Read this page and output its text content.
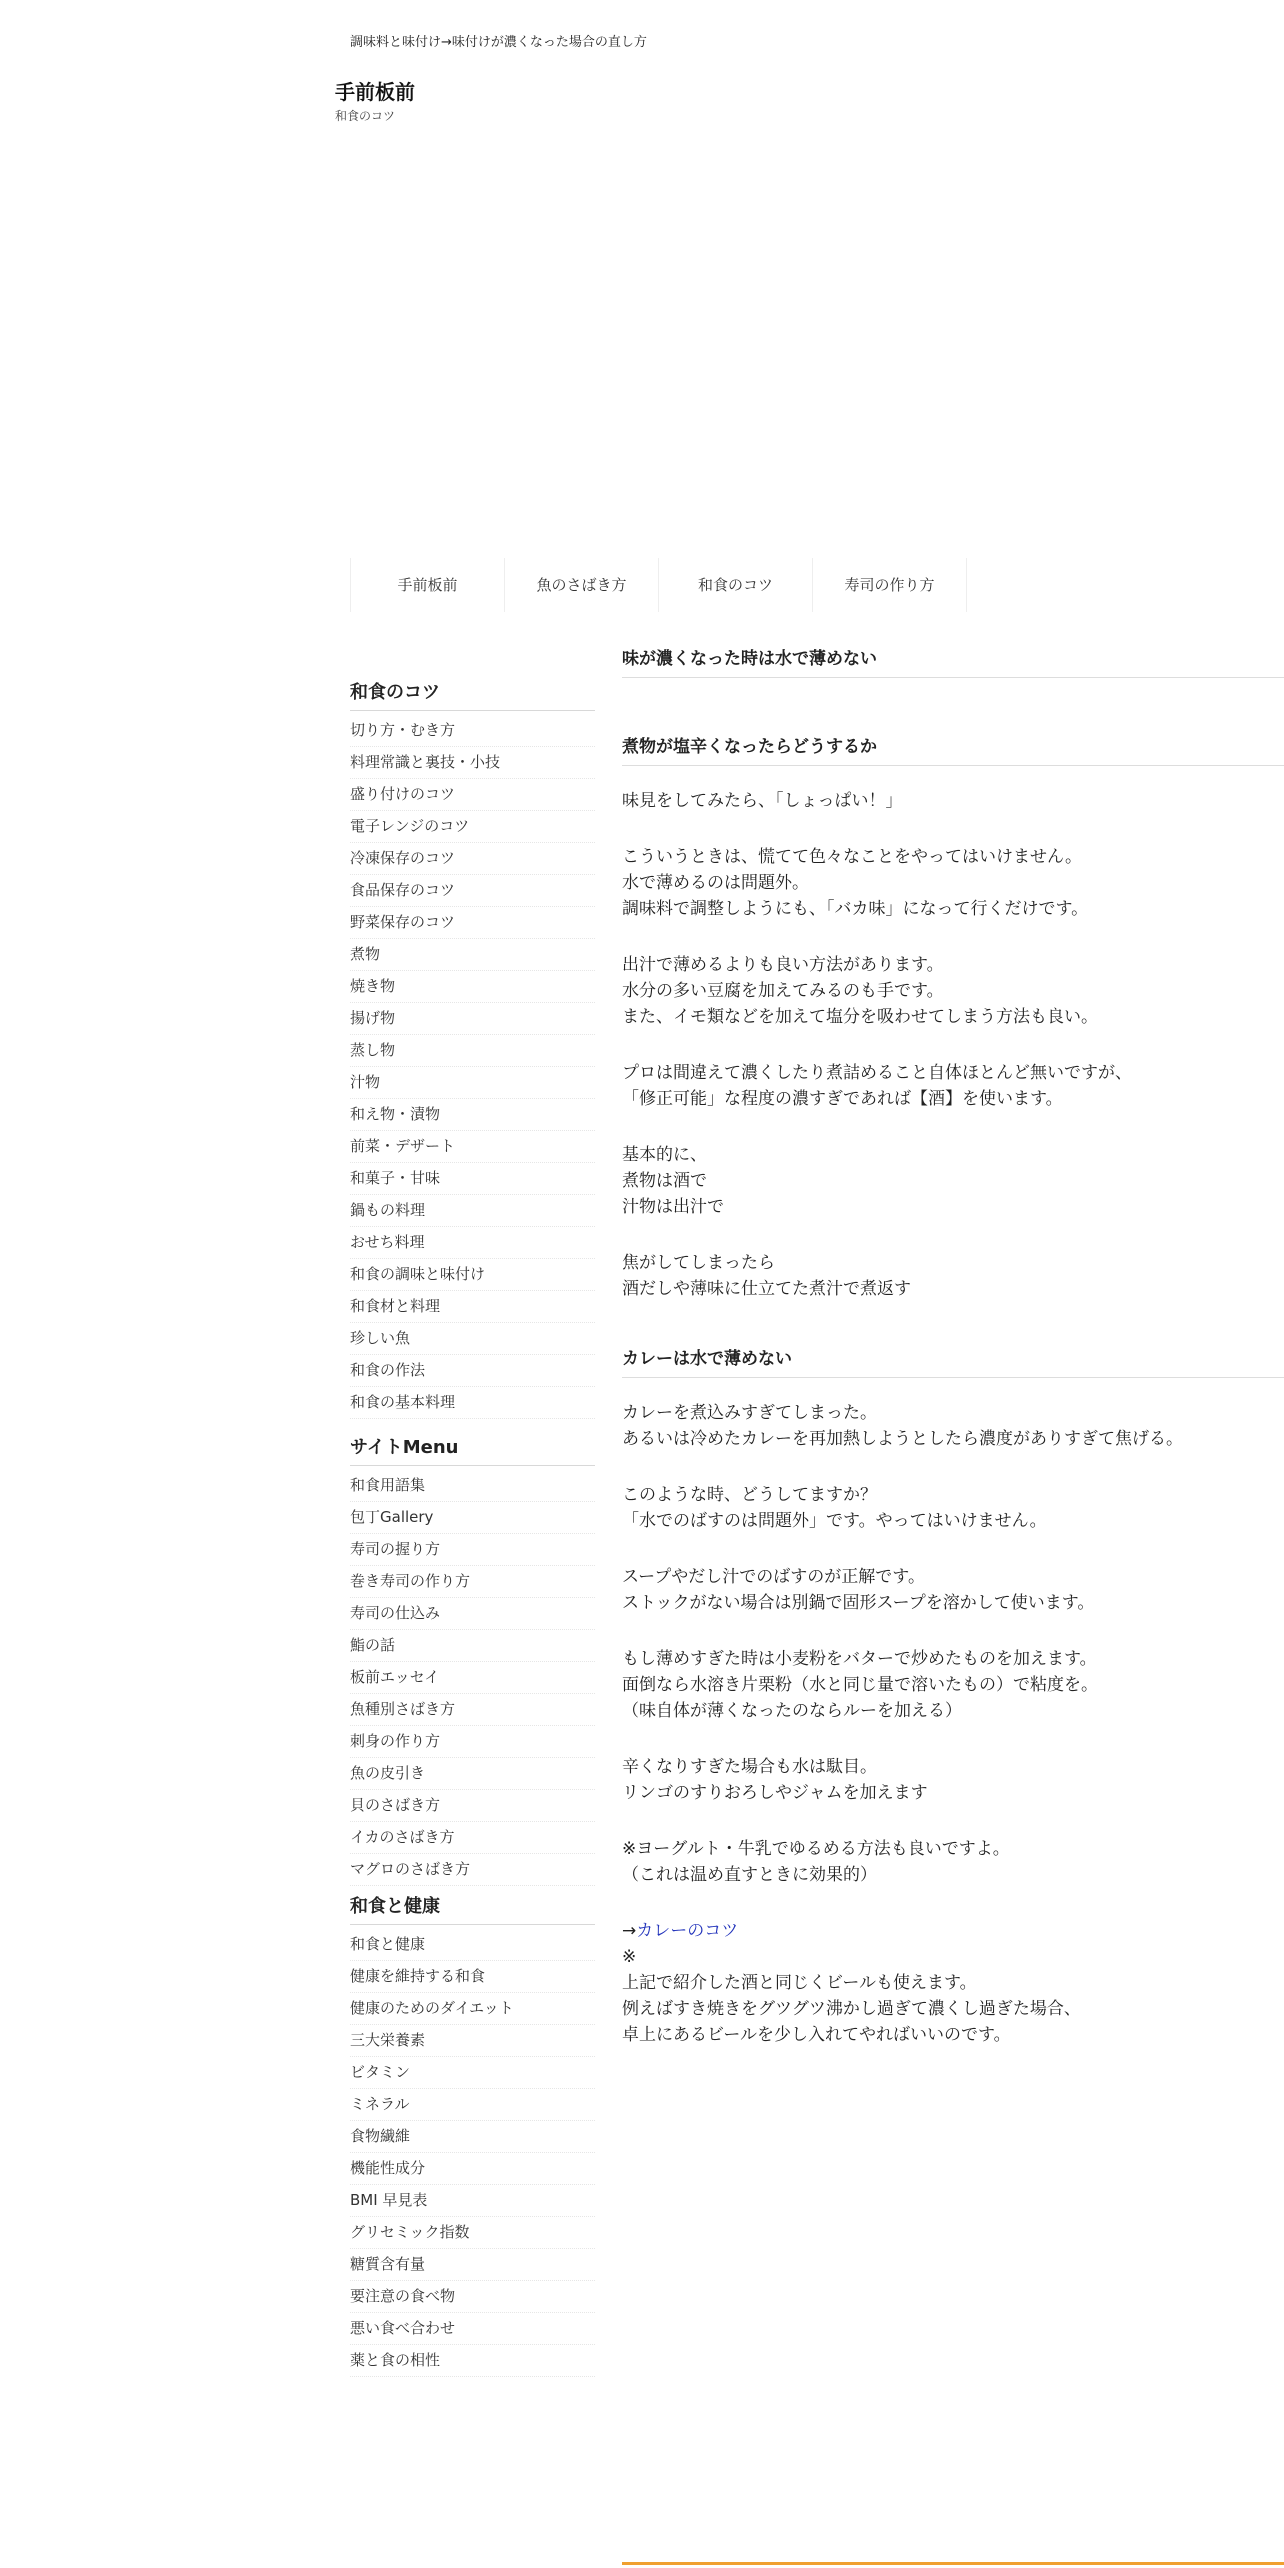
調味料と味付け→味付けが濃くなった場合の直し方
手前板前
和食のコツ
手前板前	魚のさばき方	和食のコツ	寿司の作り方
和食のコツ
切り方・むき方
料理常識と裏技・小技
盛り付けのコツ
電子レンジのコツ
冷凍保存のコツ
食品保存のコツ
野菜保存のコツ
煮物
焼き物
揚げ物
蒸し物
汁物
和え物・漬物
前菜・デザート
和菓子・甘味
鍋もの料理
おせち料理
和食の調味と味付け
和食材と料理
珍しい魚
和食の作法
和食の基本料理
サイトMenu
和食用語集
包丁Gallery
寿司の握り方
巻き寿司の作り方
寿司の仕込み
鮨の話
板前エッセイ
魚種別さばき方
刺身の作り方
魚の皮引き
貝のさばき方
イカのさばき方
マグロのさばき方
和食と健康
和食と健康
健康を維持する和食
健康のためのダイエット
三大栄養素
ビタミン
ミネラル
食物繊維
機能性成分
BMI 早見表
グリセミック指数
糖質含有量
要注意の食べ物
悪い食べ合わせ
薬と食の相性
味が濃くなった時は水で薄めない
煮物が塩辛くなったらどうするか

味見をしてみたら、「しょっぱい！」

こういうときは、慌てて色々なことをやってはいけません。

水で薄めるのは問題外。

調味料で調整しようにも、「バカ味」になって行くだけです。

出汁で薄めるよりも良い方法があります。

水分の多い豆腐を加えてみるのも手です。

また、イモ類などを加えて塩分を吸わせてしまう方法も良い。

プロは間違えて濃くしたり煮詰めること自体ほとんど無いですが、

「修正可能」な程度の濃すぎであれば【酒】を使います。

基本的に、

煮物は酒で

汁物は出汁で

焦がしてしまったら

酒だしや薄味に仕立てた煮汁で煮返す

カレーは水で薄めない

カレーを煮込みすぎてしまった。

あるいは冷めたカレーを再加熱しようとしたら濃度がありすぎて焦げる。

このような時、どうしてますか？

「水でのばすのは問題外」です。やってはいけません。

スープやだし汁でのばすのが正解です。

ストックがない場合は別鍋で固形スープを溶かして使います。

もし薄めすぎた時は小麦粉をバターで炒めたものを加えます。

面倒なら水溶き片栗粉（水と同じ量で溶いたもの）で粘度を。

（味自体が薄くなったのならルーを加える）

辛くなりすぎた場合も水は駄目。

リンゴのすりおろしやジャムを加えます

※ヨーグルト・牛乳でゆるめる方法も良いですよ。

（これは温め直すときに効果的）

→カレーのコツ

※

上記で紹介した酒と同じくビールも使えます。

例えばすき焼きをグツグツ沸かし過ぎて濃くし過ぎた場合、

卓上にあるビールを少し入れてやればいいのです。
